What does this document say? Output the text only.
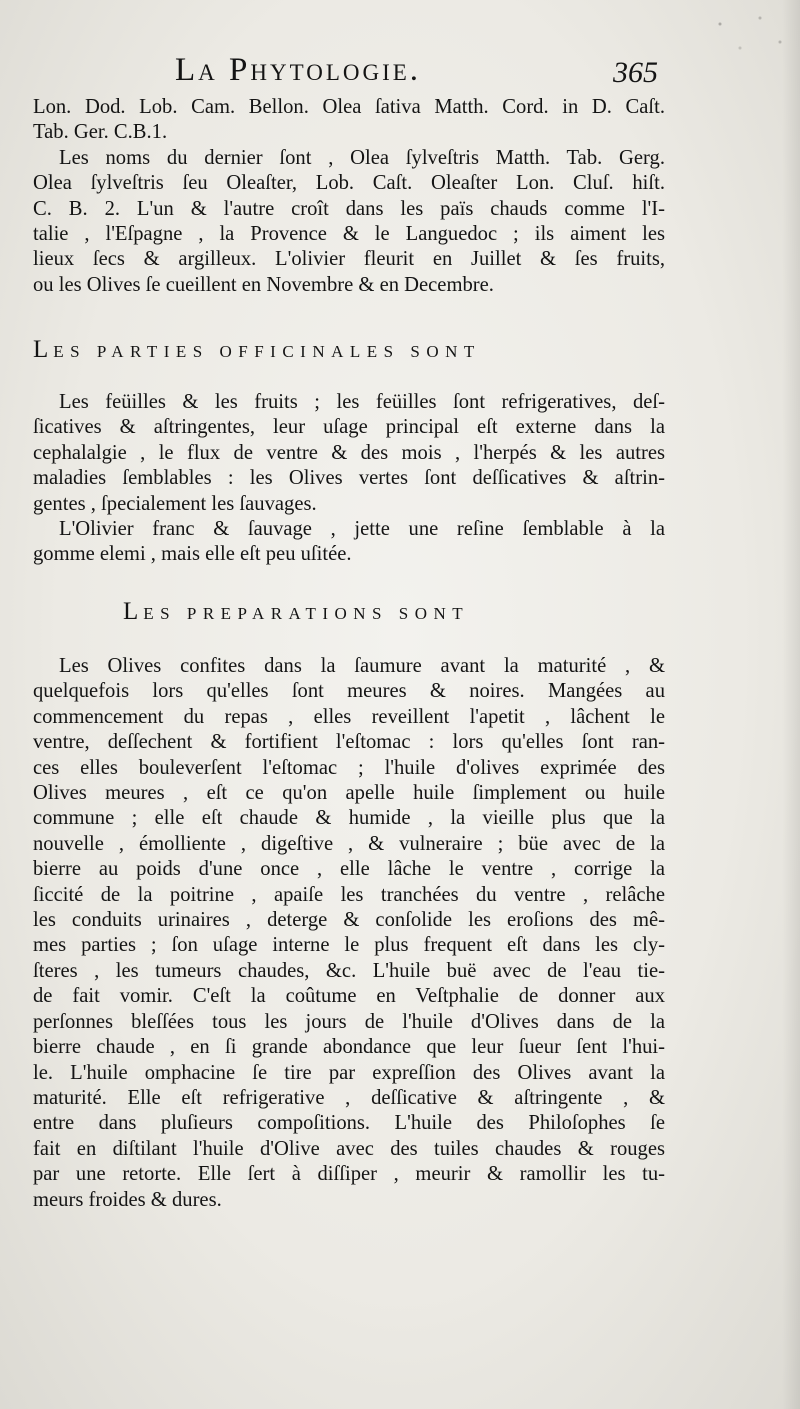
La Phytologie.	365
Lon. Dod. Lob. Cam. Bellon. Olea ſativa Matth. Cord. in D. Caſt.
Tab. Ger. C.B.1.
Les noms du dernier ſont , Olea ſylveſtris Matth. Tab. Gerg.
Olea ſylveſtris ſeu Oleaſter, Lob. Caſt. Oleaſter Lon. Cluſ. hiſt.
C. B. 2. L'un & l'autre croît dans les païs chauds comme l'I-
talie , l'Eſpagne , la Provence & le Languedoc ; ils aiment les
lieux ſecs & argilleux. L'olivier fleurit en Juillet & ſes fruits,
ou les Olives ſe cueillent en Novembre & en Decembre.
LES PARTIES OFFICINALES SONT
Les feüilles & les fruits ; les feüilles ſont refrigeratives, deſ-
ſicatives & aſtringentes, leur uſage principal eſt externe dans la
cephalalgie , le flux de ventre & des mois , l'herpés & les autres
maladies ſemblables : les Olives vertes ſont deſſicatives & aſtrin-
gentes , ſpecialement les ſauvages.
L'Olivier franc & ſauvage , jette une reſine ſemblable à la
gomme elemi , mais elle eſt peu uſitée.
LES PREPARATIONS SONT
Les Olives confites dans la ſaumure avant la maturité , &
quelquefois lors qu'elles ſont meures & noires. Mangées au
commencement du repas , elles reveillent l'apetit , lâchent le
ventre, deſſechent & fortifient l'eſtomac : lors qu'elles ſont ran-
ces elles bouleverſent l'eſtomac ; l'huile d'olives exprimée des
Olives meures , eſt ce qu'on apelle huile ſimplement ou huile
commune ; elle eſt chaude & humide , la vieille plus que la
nouvelle , émolliente , digeſtive , & vulneraire ; büe avec de la
bierre au poids d'une once , elle lâche le ventre , corrige la
ſiccité de la poitrine , apaiſe les tranchées du ventre , relâche
les conduits urinaires , deterge & conſolide les eroſions des mê-
mes parties ; ſon uſage interne le plus frequent eſt dans les cly-
ſteres , les tumeurs chaudes, &c. L'huile buë avec de l'eau tie-
de fait vomir. C'eſt la coûtume en Veſtphalie de donner aux
perſonnes bleſſées tous les jours de l'huile d'Olives dans de la
bierre chaude , en ſi grande abondance que leur ſueur ſent l'hui-
le. L'huile omphacine ſe tire par expreſſion des Olives avant la
maturité. Elle eſt refrigerative , deſſicative & aſtringente , &
entre dans pluſieurs compoſitions. L'huile des Philoſophes ſe
fait en diſtilant l'huile d'Olive avec des tuiles chaudes & rouges
par une retorte. Elle ſert à diſſiper , meurir & ramollir les tu-
meurs froides & dures.
